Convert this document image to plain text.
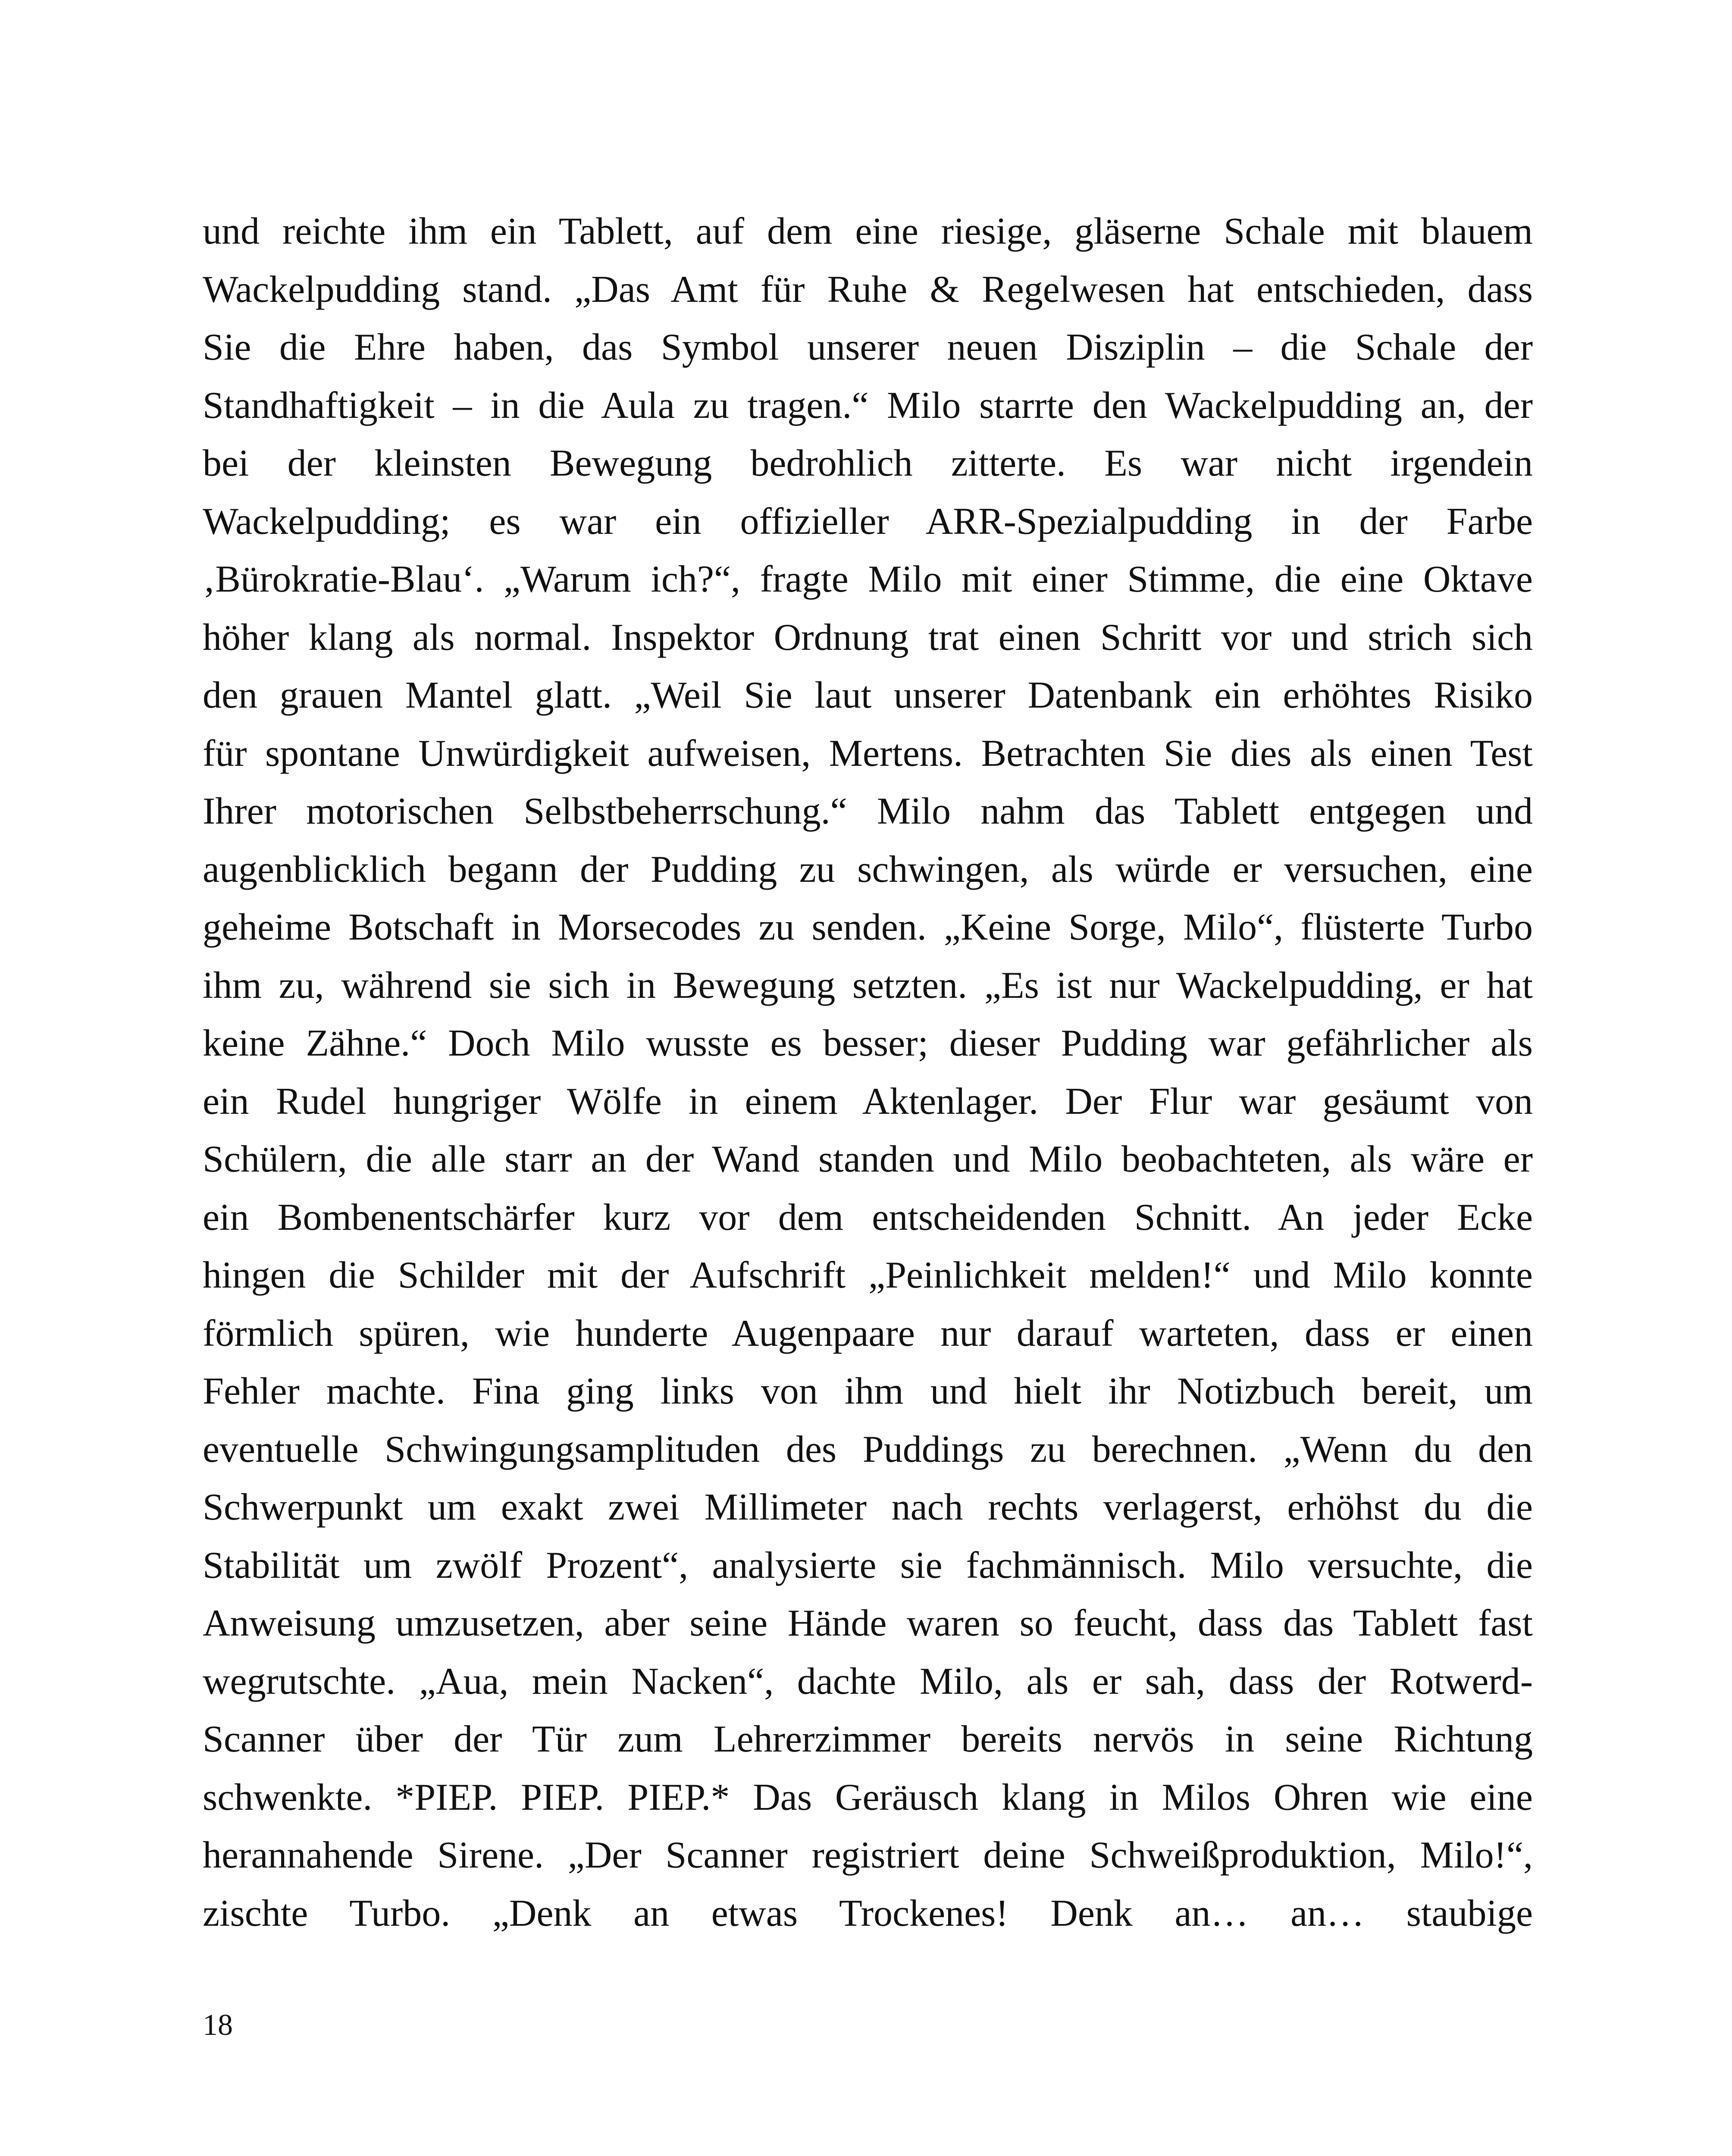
und reichte ihm ein Tablett, auf dem eine riesige, gläserne Schale mit blauem
Wackelpudding stand. „Das Amt für Ruhe & Regelwesen hat entschieden, dass
Sie die Ehre haben, das Symbol unserer neuen Disziplin – die Schale der
Standhaftigkeit – in die Aula zu tragen.“ Milo starrte den Wackelpudding an, der
bei der kleinsten Bewegung bedrohlich zitterte. Es war nicht irgendein
Wackelpudding; es war ein offizieller ARR-Spezialpudding in der Farbe
‚Bürokratie-Blau‘. „Warum ich?“, fragte Milo mit einer Stimme, die eine Oktave
höher klang als normal. Inspektor Ordnung trat einen Schritt vor und strich sich
den grauen Mantel glatt. „Weil Sie laut unserer Datenbank ein erhöhtes Risiko
für spontane Unwürdigkeit aufweisen, Mertens. Betrachten Sie dies als einen Test
Ihrer motorischen Selbstbeherrschung.“ Milo nahm das Tablett entgegen und
augenblicklich begann der Pudding zu schwingen, als würde er versuchen, eine
geheime Botschaft in Morsecodes zu senden. „Keine Sorge, Milo“, flüsterte Turbo
ihm zu, während sie sich in Bewegung setzten. „Es ist nur Wackelpudding, er hat
keine Zähne.“ Doch Milo wusste es besser; dieser Pudding war gefährlicher als
ein Rudel hungriger Wölfe in einem Aktenlager. Der Flur war gesäumt von
Schülern, die alle starr an der Wand standen und Milo beobachteten, als wäre er
ein Bombenentschärfer kurz vor dem entscheidenden Schnitt. An jeder Ecke
hingen die Schilder mit der Aufschrift „Peinlichkeit melden!“ und Milo konnte
förmlich spüren, wie hunderte Augenpaare nur darauf warteten, dass er einen
Fehler machte. Fina ging links von ihm und hielt ihr Notizbuch bereit, um
eventuelle Schwingungsamplituden des Puddings zu berechnen. „Wenn du den
Schwerpunkt um exakt zwei Millimeter nach rechts verlagerst, erhöhst du die
Stabilität um zwölf Prozent“, analysierte sie fachmännisch. Milo versuchte, die
Anweisung umzusetzen, aber seine Hände waren so feucht, dass das Tablett fast
wegrutschte. „Aua, mein Nacken“, dachte Milo, als er sah, dass der Rotwerd-
Scanner über der Tür zum Lehrerzimmer bereits nervös in seine Richtung
schwenkte. *PIEP. PIEP. PIEP.* Das Geräusch klang in Milos Ohren wie eine
herannahende Sirene. „Der Scanner registriert deine Schweißproduktion, Milo!“,
zischte Turbo. „Denk an etwas Trockenes! Denk an… an… staubige
18
